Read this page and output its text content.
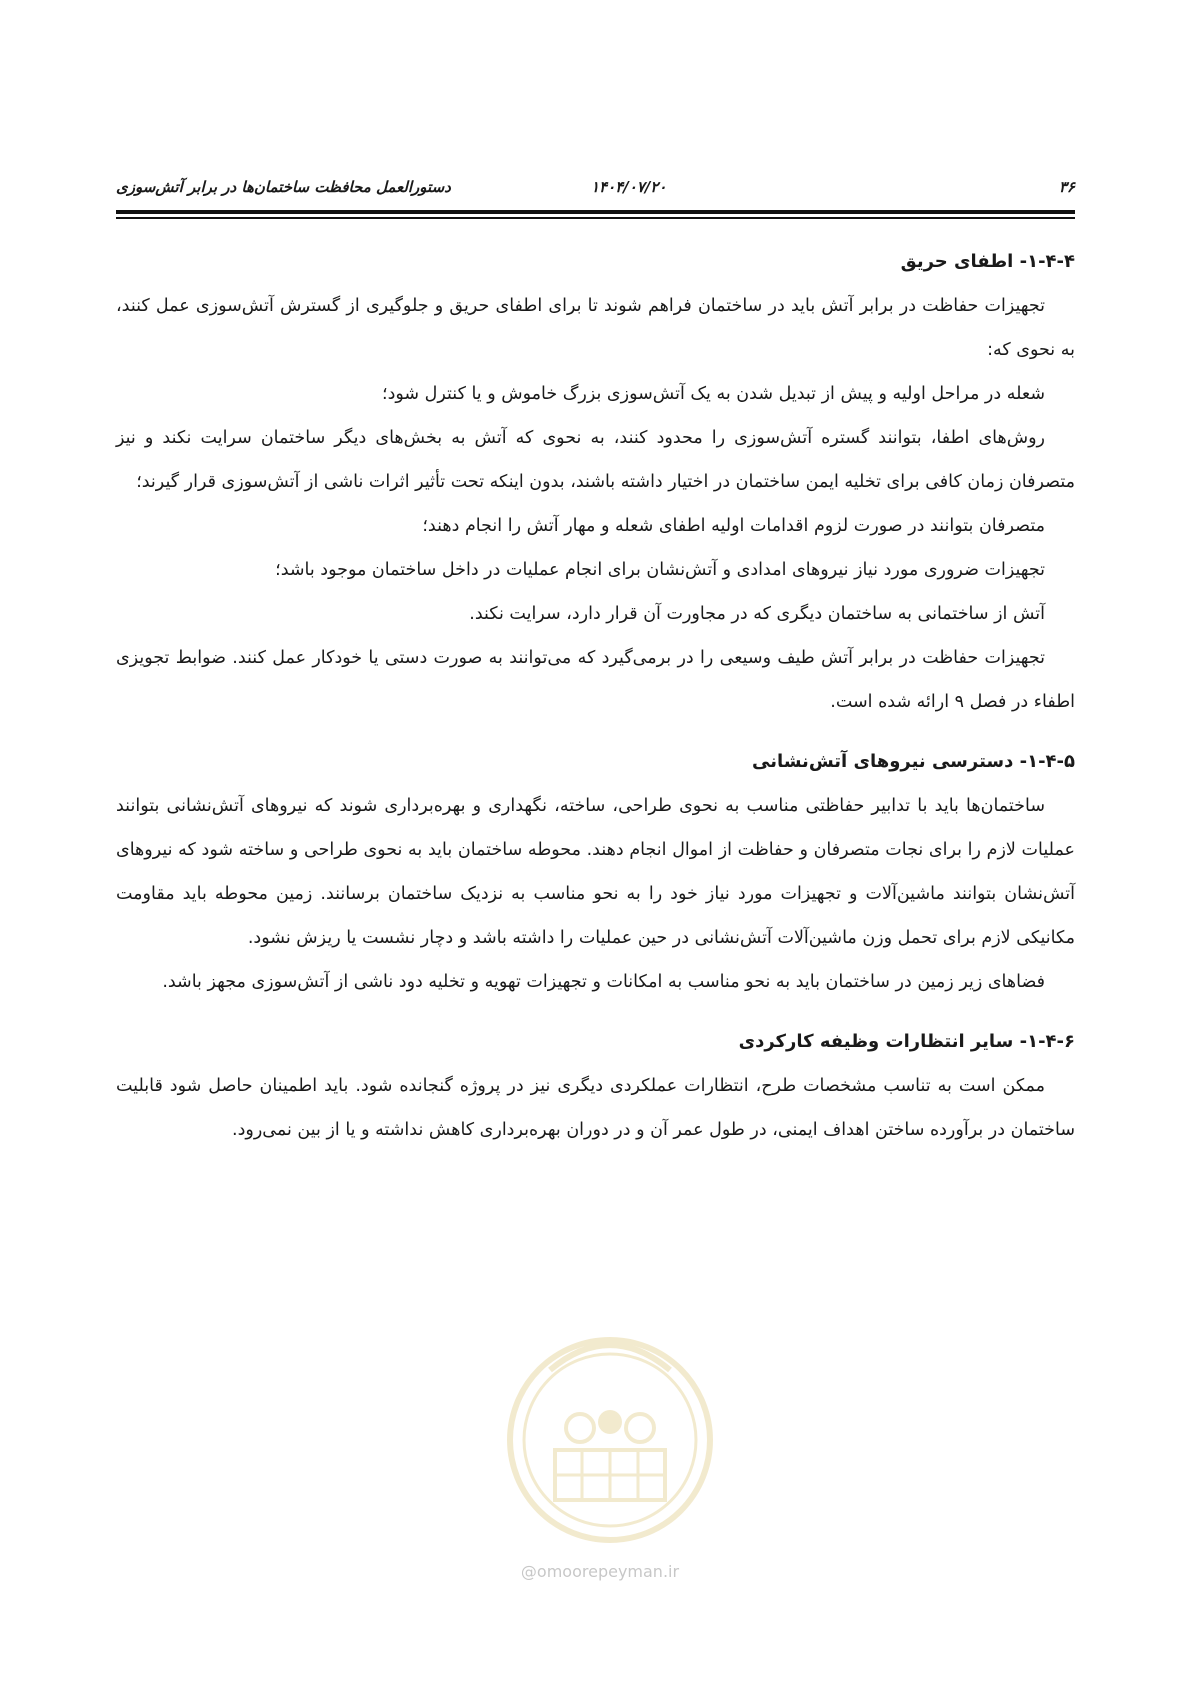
۳۶
۱۴۰۴/۰۷/۲۰
دستورالعمل محافظت ساختمان‌ها در برابر آتش‌سوزی

۱-۴-۴- اطفای حریق

تجهیزات حفاظت در برابر آتش باید در ساختمان فراهم شوند تا برای اطفای حریق و جلوگیری از گسترش آتش‌سوزی عمل کنند، به نحوی که:

شعله در مراحل اولیه و پیش از تبدیل شدن به یک آتش‌سوزی بزرگ خاموش و یا کنترل شود؛

روش‌های اطفا، بتوانند گستره آتش‌سوزی را محدود کنند، به نحوی که آتش به بخش‌های دیگر ساختمان سرایت نکند و نیز متصرفان زمان کافی برای تخلیه ایمن ساختمان در اختیار داشته باشند، بدون اینکه تحت تأثیر اثرات ناشی از آتش‌سوزی قرار گیرند؛

متصرفان بتوانند در صورت لزوم اقدامات اولیه اطفای شعله و مهار آتش را انجام دهند؛

تجهیزات ضروری مورد نیاز نیروهای امدادی و آتش‌نشان برای انجام عملیات در داخل ساختمان موجود باشد؛

آتش از ساختمانی به ساختمان دیگری که در مجاورت آن قرار دارد، سرایت نکند.

تجهیزات حفاظت در برابر آتش طیف وسیعی را در برمی‌گیرد که می‌توانند به صورت دستی یا خودکار عمل کنند. ضوابط تجویزی اطفاء در فصل ۹ ارائه شده است.

۱-۴-۵- دسترسی نیروهای آتش‌نشانی

ساختمان‌ها باید با تدابیر حفاظتی مناسب به نحوی طراحی، ساخته، نگهداری و بهره‌برداری شوند که نیروهای آتش‌نشانی بتوانند عملیات لازم را برای نجات متصرفان و حفاظت از اموال انجام دهند. محوطه ساختمان باید به نحوی طراحی و ساخته شود که نیروهای آتش‌نشان بتوانند ماشین‌آلات و تجهیزات مورد نیاز خود را به نحو مناسب به نزدیک ساختمان برسانند. زمین محوطه باید مقاومت مکانیکی لازم برای تحمل وزن ماشین‌آلات آتش‌نشانی در حین عملیات را داشته باشد و دچار نشست یا ریزش نشود.

فضاهای زیر زمین در ساختمان باید به نحو مناسب به امکانات و تجهیزات تهویه و تخلیه دود ناشی از آتش‌سوزی مجهز باشد.

۱-۴-۶- سایر انتظارات وظیفه کارکردی

ممکن است به تناسب مشخصات طرح، انتظارات عملکردی دیگری نیز در پروژه گنجانده شود. باید اطمینان حاصل شود قابلیت ساختمان در برآورده ساختن اهداف ایمنی، در طول عمر آن و در دوران بهره‌برداری کاهش نداشته و یا از بین نمی‌رود.

@omoorepeyman.ir
